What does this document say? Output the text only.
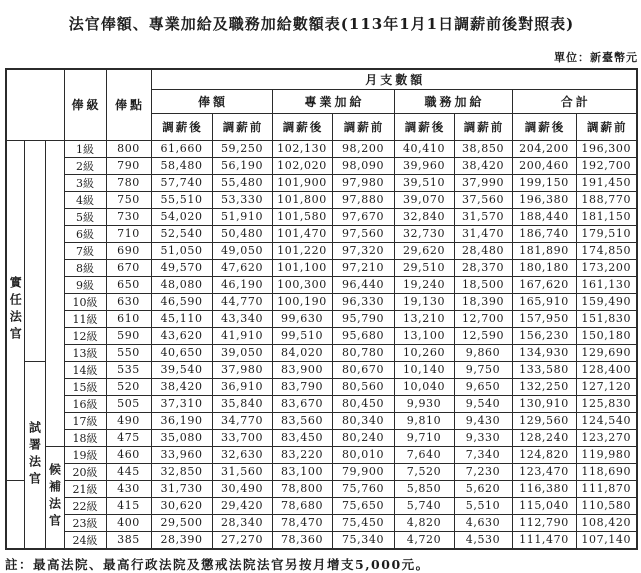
法官俸額、專業加給及職務加給數額表(113年1月1日調薪前後對照表)
單位：新臺幣元
			俸級	俸點	月支數額							
					俸額		專業加給		職務加給		合計	
					調薪後	調薪前	調薪後	調薪前	調薪後	調薪前	調薪後	調薪前

實任法官			1級	800	61,660	59,250	102,130	98,200	40,410	38,850	204,200	196,300
			2級	790	58,480	56,190	102,020	98,090	39,960	38,420	200,460	192,700
			3級	780	57,740	55,480	101,900	97,980	39,510	37,990	199,150	191,450
			4級	750	55,510	53,330	101,800	97,880	39,070	37,560	196,380	188,770
			5級	730	54,020	51,910	101,580	97,670	32,840	31,570	188,440	181,150
			6級	710	52,540	50,480	101,470	97,560	32,730	31,470	186,740	179,510
			7級	690	51,050	49,050	101,220	97,320	29,620	28,480	181,890	174,850
			8級	670	49,570	47,620	101,100	97,210	29,510	28,370	180,180	173,200
			9級	650	48,080	46,190	100,300	96,440	19,240	18,500	167,620	161,130
			10級	630	46,590	44,770	100,190	96,330	19,130	18,390	165,910	159,490
			11級	610	45,110	43,340	99,630	95,790	13,210	12,700	157,950	151,830
			12級	590	43,620	41,910	99,510	95,680	13,100	12,590	156,230	150,180
			13級	550	40,650	39,050	84,020	80,780	10,260	9,860	134,930	129,690

	試署法官		14級	535	39,540	37,980	83,900	80,670	10,140	9,750	133,580	128,400
			15級	520	38,420	36,910	83,790	80,560	10,040	9,650	132,250	127,120
			16級	505	37,310	35,840	83,670	80,450	9,930	9,540	130,910	125,830
			17級	490	36,190	34,770	83,560	80,340	9,810	9,430	129,560	124,540
			18級	475	35,080	33,700	83,450	80,240	9,710	9,330	128,240	123,270

		候補法官	19級	460	33,960	32,630	83,220	80,010	7,640	7,340	124,820	119,980
			20級	445	32,850	31,560	83,100	79,900	7,520	7,230	123,470	118,690
			21級	430	31,730	30,490	78,800	75,760	5,850	5,620	116,380	111,870
			22級	415	30,620	29,420	78,680	75,650	5,740	5,510	115,040	110,580
			23級	400	29,500	28,340	78,470	75,450	4,820	4,630	112,790	108,420
			24級	385	28,390	27,270	78,360	75,340	4,720	4,530	111,470	107,140
註：最高法院、最高行政法院及懲戒法院法官另按月增支5,000元。
